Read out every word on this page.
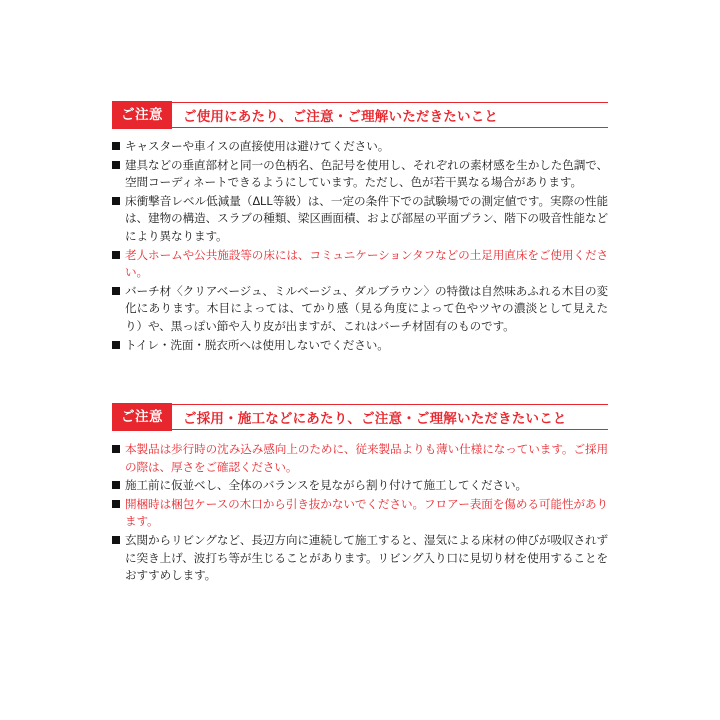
ご注意	ご使用にあたり、ご注意・ご理解いただきたいこと
キャスターや車イスの直接使用は避けてください。
建具などの垂直部材と同一の色柄名、色記号を使用し、それぞれの素材感を生かした色調で、空間コーディネートできるようにしています。ただし、色が若干異なる場合があります。
床衝撃音レベル低減量（ΔLL等級）は、一定の条件下での試験場での測定値です。実際の性能は、建物の構造、スラブの種類、梁区画面積、および部屋の平面プラン、階下の吸音性能などにより異なります。
老人ホームや公共施設等の床には、コミュニケーションタフなどの土足用直床をご使用ください。
バーチ材〈クリアベージュ、ミルベージュ、ダルブラウン〉の特徴は自然味あふれる木目の変化にあります。木目によっては、てかり感（見る角度によって色やツヤの濃淡として見えたり）や、黒っぽい節や入り皮が出ますが、これはバーチ材固有のものです。
トイレ・洗面・脱衣所へは使用しないでください。
ご注意	ご採用・施工などにあたり、ご注意・ご理解いただきたいこと
本製品は歩行時の沈み込み感向上のために、従来製品よりも薄い仕様になっています。ご採用の際は、厚さをご確認ください。
施工前に仮並べし、全体のバランスを見ながら割り付けて施工してください。
開梱時は梱包ケースの木口から引き抜かないでください。フロアー表面を傷める可能性があります。
玄関からリビングなど、長辺方向に連続して施工すると、湿気による床材の伸びが吸収されずに突き上げ、波打ち等が生じることがあります。リビング入り口に見切り材を使用することをおすすめします。
